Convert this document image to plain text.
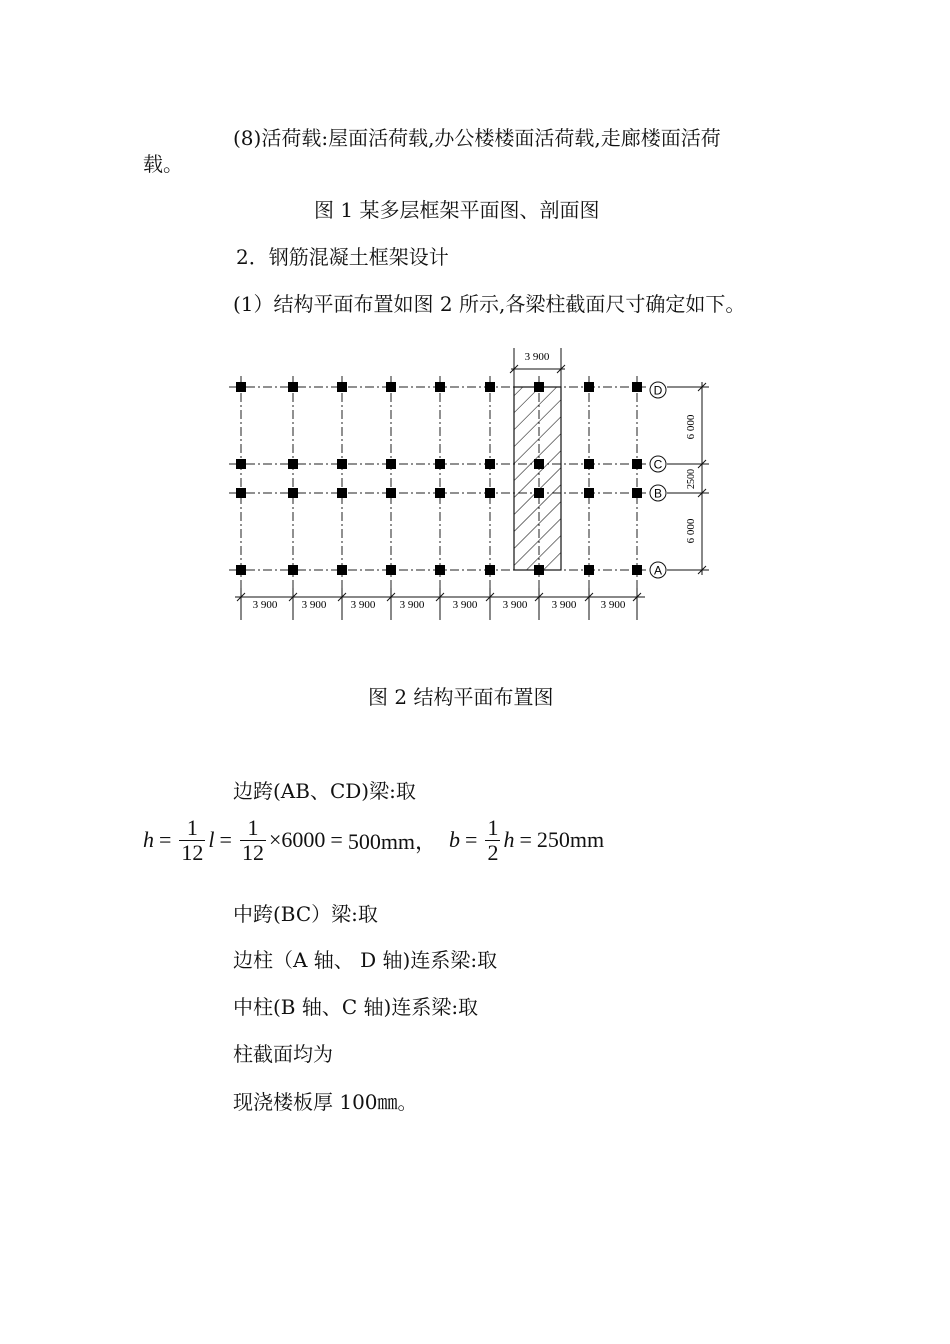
(8)活荷载:屋面活荷载,办公楼楼面活荷载,走廊楼面活荷
载。
图 1 某多层框架平面图、剖面图
2．钢筋混凝土框架设计
(1）结构平面布置如图 2 所示,各梁柱截面尺寸确定如下。
D
C
B
A
3 900
3 900 3 900 3 900 3 900	3 900 3 900 3 900 3 900
6 000
2500
6 000
图 2 结构平面布置图
边跨(AB、CD)梁:取
$h = \frac{1}{12}$ $l = \frac{1}{12} \times 6000 = 500mm$， $b = \frac{1}{2}$ h = 250mm
中跨(BC）梁:取
边柱（A 轴、 D 轴)连系梁:取
中柱(B 轴、C 轴)连系梁:取
柱截面均为
现浇楼板厚 100㎜。
